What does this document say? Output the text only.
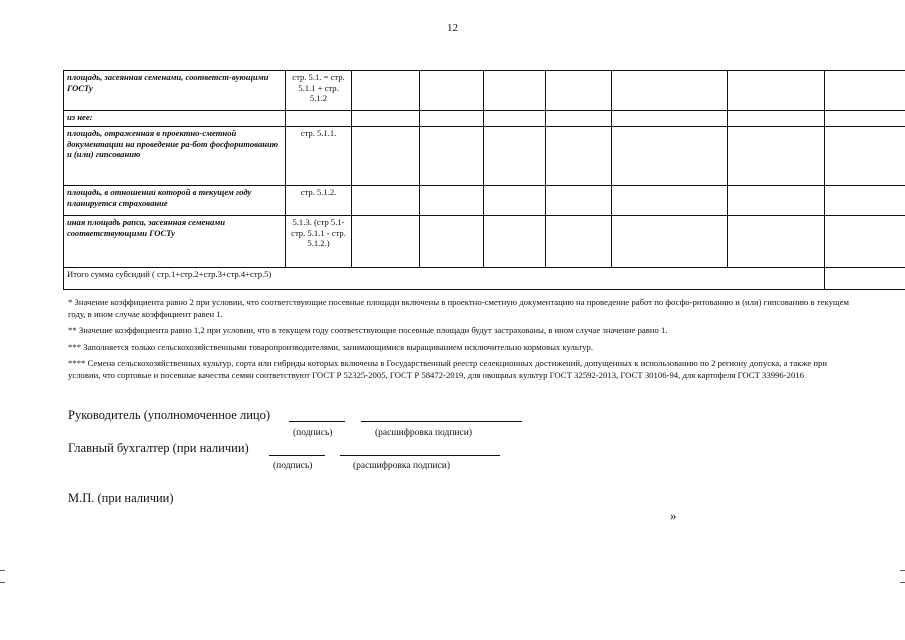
12
площадь, засеянная семенами, соответст-вующими ГОСТу	стр. 5.1. = стр. 5.1.1 + стр. 5.1.2							
из нее:								
площадь, отраженная в проектно-сметной документации на проведение ра-бот фосфоритованию и (или) гипсованию	стр. 5.1.1.							
площадь, в отношении которой в текущем году планируется страхование	стр. 5.1.2.							
иная площадь рапса, засеянная семенами соответствующими ГОСТу	5.1.3. (стр 5.1-стр. 5.1.1 - стр. 5.1.2.)							
Итого сумма субсидий ( стр.1+стр.2+стр.3+стр.4+стр.5)								

* Значение коэффициента равно 2 при условии, что соответствующие посевные площади включены в проектно-сметную документацию на проведение работ по фосфо-ритованию и (или) гипсованию в текущем году, в ином случае коэффициент равен 1.

** Значение коэффициента равно 1,2 при условии, что в текущем году соответствующие посевные площади будут застрахованы, в ином случае значение равно 1.

*** Заполняется только сельскохозяйственными товаропроизводителями, занимающимися выращиванием исключительно кормовых культур.

**** Семена сельскохозяйственных культур, сорта или гибриды которых включены в Государственный реестр селекционных достижений, допущенных к использованию по 2 региону допуска, а также при условии, что сортовые и посевные качества семян соответствуют ГОСТ Р 52325-2005, ГОСТ Р 58472-2019, для овощных культур ГОСТ 32592-2013, ГОСТ 30106-94, для картофеля ГОСТ 33996-2016

Руководитель (уполномоченное лицо)
(подпись)	(расшифровка подписи)
Главный бухгалтер (при наличии)
(подпись)	(расшифровка подписи)
М.П. (при наличии)
»
